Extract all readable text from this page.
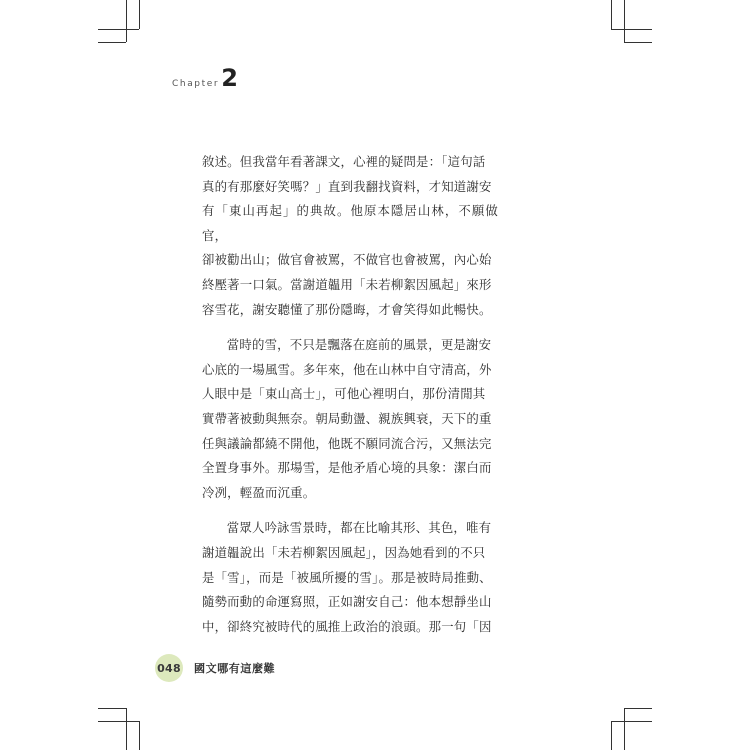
Chapter 2

敘述。但我當年看著課文，心裡的疑問是：「這句話
真的有那麼好笑嗎？」直到我翻找資料，才知道謝安
有「東山再起」的典故。他原本隱居山林，不願做官，
卻被勸出山；做官會被罵，不做官也會被罵，內心始
終壓著一口氣。當謝道韞用「未若柳絮因風起」來形
容雪花，謝安聽懂了那份隱晦，才會笑得如此暢快。

當時的雪，不只是飄落在庭前的風景，更是謝安
心底的一場風雪。多年來，他在山林中自守清高，外
人眼中是「東山高士」，可他心裡明白，那份清閒其
實帶著被動與無奈。朝局動盪、親族興衰，天下的重
任與議論都繞不開他，他既不願同流合污，又無法完
全置身事外。那場雪，是他矛盾心境的具象：潔白而
冷冽，輕盈而沉重。

當眾人吟詠雪景時，都在比喻其形、其色，唯有
謝道韞說出「未若柳絮因風起」，因為她看到的不只
是「雪」，而是「被風所擾的雪」。那是被時局推動、
隨勢而動的命運寫照，正如謝安自己：他本想靜坐山
中，卻終究被時代的風推上政治的浪頭。那一句「因

048 國文哪有這麼難
